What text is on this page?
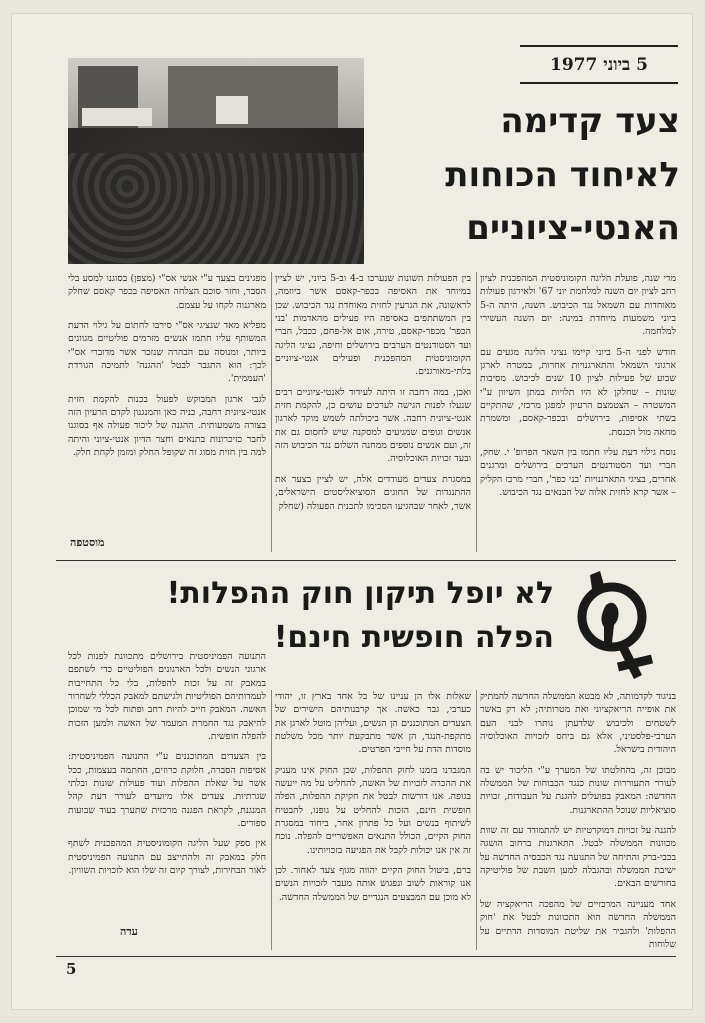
5 ביוני 1977
צעד קדימה
לאיחוד הכוחות
האנטי-ציוניים

מדי שנה, פועלת הליגה הקומוניסטית המהפכנית לציון רחב לציון יום השנה למלחמת יוני 67' ולאירגון פעולות מאוחדות עם השמאל נגד הכיבוש. השנה, היתה ה-5 ביוני משמעות מיוחדת במינה: יום השנה העשירי למלחמה.

חודש לפני ה-5 ביוני קיימו נציגי הליגה מגעים עם ארגוני השמאל והתארגנויות אחרות, במטרה לארגן שבוע של פעילות לציון 10 שנים לכיבוש. מסיבות שונות – שחלקן לא היו תלויות במתן השיוון ע"י המשטרה – הצטמצם הרעיון למפגן מרכזי, שהתקיים בשתי אסיפות, בירושלים ובכפר-קאסם, ומשמרת מחאה מול הכנסת.

נוסח גילוי דעת עליו חתמו בין השאר הפרופ' י. שחק, חברי ועד הסטודנטים הערבים בירושלים ומרגנים אחרים, בציגי התארגנויות 'בני כפר', חברי מרכז הקליק – אשר קרא לחזית אלוה של הבנאים נגד הכיבוש.

בין הפעולות השונות שנערכו ב-4 וב-5 ביוני, יש לציין במיוחד את האסיפה בכפר-קאסם אשר ביוזמה, לראשונה, את הגרעין לחזית מאוחדת נגד הכיבוש. שכן בין המשתתפים באסיפה היו פעילים מהאדמות 'בני הכפר' מכפר-קאסם, טירה, אום אל-פחם, ככבל, חברי ועד הסטודנטים הערבים בירושלים וחיפה, נציגי הליגה הקומוניסטית המהפכנית ופעילים אנטי-ציוניים בלתי-מאורגנים.

ואכן, במה רחבה זו היתה לעידוד לאנטי-ציוניים רבים שנעלו לפנות הגישה לערכים עושים כן, להקמת חזית אנטי-ציונית רחבה. אשר ביכולתה לשמש מוקד לארגון אנשים וגופים שמגיעים למסקנה שיש לחסום גם את זה, ועם אנשים נוספים ממחנה השלום נגד הכיבוש הזה ובעד זכויות האוכלוסיה.

במסגרת צעדים מעודדים אלה, יש לציין בצער את ההתנגדות של החוגים הסוציאליסטים הישראלים, אשר, לאחר שבהגיעו הסכימו לתכנית הפעולה (שחלק

מפגינים בצעד ע"י אנשי אס"י (מצפן) בסוגנו למסע בלי הסבר, וחזר סוכם הצלחה האסיפה בכפר קאסם שחלק מארגנוה לקחו על עצמם.

מפליא מאד שנציגי אס"י סירבו לחתום על גילוי הדעת המשותף עליו חתמו אנשים מזרמים פוליטיים מגוונים ביותר, ומנוסה עם הבהרה שנזכר אשר מדוברי אס"י לכך: הוא התגבר לבטל 'ההגנה' לתמיכה הגורדת 'העממית'.

לגבי ארגון המבוקש לפעול בכנות להקמת חזית אנטי-ציונית רחבה, כניה כאן והמנגנון לקדם הרעיון הזה בצורה משמעותית. ההגנה של ליכוד פעולה אף בסוגנו לחבר כזיכרונות בתנאים וחצר הדיון אנטי-ציוני והיתה למה בין חזית מסוג זה שקופל החלק ומזמן לקחת חלק.

מוסטפה
לא יופל תיקון חוק ההפלות!
הפלה חופשית חינם!

בניגוד לקדמותה, לא מבטא הממשלה החדשה להמתיק את אופייה הריאקציוני ואת מטרותיה; לא רק באשר לשטחים ולכיבוש שלדעתן נותרו לבני העם הערבי-פלסטיני, אלא גם ביחס לזכויות האוכלוסיה היהודית בישראל.

מבוכן זה, בהחלטתו של המערך ע"י הליכוד יש בה לעורר התעוררות שונות כנגד הכבוחות של הממשלה החדשה: המאבק בפועלים להגנת על העבודות, זכויות סוציאליות שנוכל ההתארגנות.

להגנה על זכויות דמוקרטיות יש להתמודד עם זה שוות מכוונות הממשלה לבטל. התארגנות ברחוב הושגה בכבי-ברק והתיחה של התנועה נגד הכבסיה החדשה על ישיבת הממשלה ובהגבלה למען השבת של פוליטיקה בחורשים הבאים.

אחד מעניינה המרכזיים של מהפכה הריאקציה של הממשלה החדשה הוא התכוונות לבטל את 'חוק ההפלות' ולהגביר את שליטת המוסדות הדתיים על שלוחות

שאלות אלו הן עניינו של כל אחד בארץ זו, יהודי כערבי, גבר כאשה. אך קרבנותיהם הישירים של הצעדים המתוכננים הן הנשים, ועליהן מוטל לארגן את מתקפת-הנגד, הן אשר מתבקעת יותר מכל משלטת מוסדות הדת על חייבי הפרטים.

המגבדנו בזמנו לחוק ההפלות, שכן החוק אינו מעניק את ההכרה לזכויות של האשה, להחליט על מה ייעשה בגופה. אנו דורשות לבטל את חקיקת ההפלות, הפלה חופשית חינם, הזכות להחליט על גופנו, להבטיח לשיתוף בנשים ועל כל פתרון אחר, ביחוד במסגרת החוק הקיים, הכולל התנאים האפשריים להפלה. נוכח זה אין אנו יכולות לקבל את הפגיעה בזכויותינו.

ברם, ביטול החוק הקיים יהווה מגוף צעד לאחור. לכן אנו קוראות לשוב ונפגוש אותה מעבר לזכויות הנשים לא מוכן עם המבצעים הנגדיים של הממשלה החדשה.

התנועה הפמיניסטית בירושלים מתכוונת לפנות לכל ארגוני הנשים ולכל הארגונים הפוליטיים כדי לשתפם במאבק זה על זכות להפלות, בלי כל התחייבות לעמדותיהם הפוליטיות ולגישתם למאבק הכללי לשחרור האשה. המאבק חייב להיות רחב ופתוח לכל מי שמוכן להיאבק נגד החמרת המעמד של האשה ולמען הזכות להפלה חופשית.

בין הצעדים המתוכננים ע"י התנועה הפמיניסטית: אסיפות הסברה, חלוקת כרוזים, החתמה בעצמות, ככל אשר על שאלת ההפלות ועוד פעולות שונות ובלתי שגרתיות. צעדים אלו מיועדים לעורר דעת קהל המנגנת, לקראת הפגנה מרכזית שתערך בעוד שבועות ספורים.

אין ספק שעל הליגה הקומוניסטית המהפכנית לשתף חלק במאבק זה ולהתייצב עם התנועה הפמיניסטית לאור הבחירות, לצורך קיום זה שלו הוא לזכויות השוויון.

עדה
5
